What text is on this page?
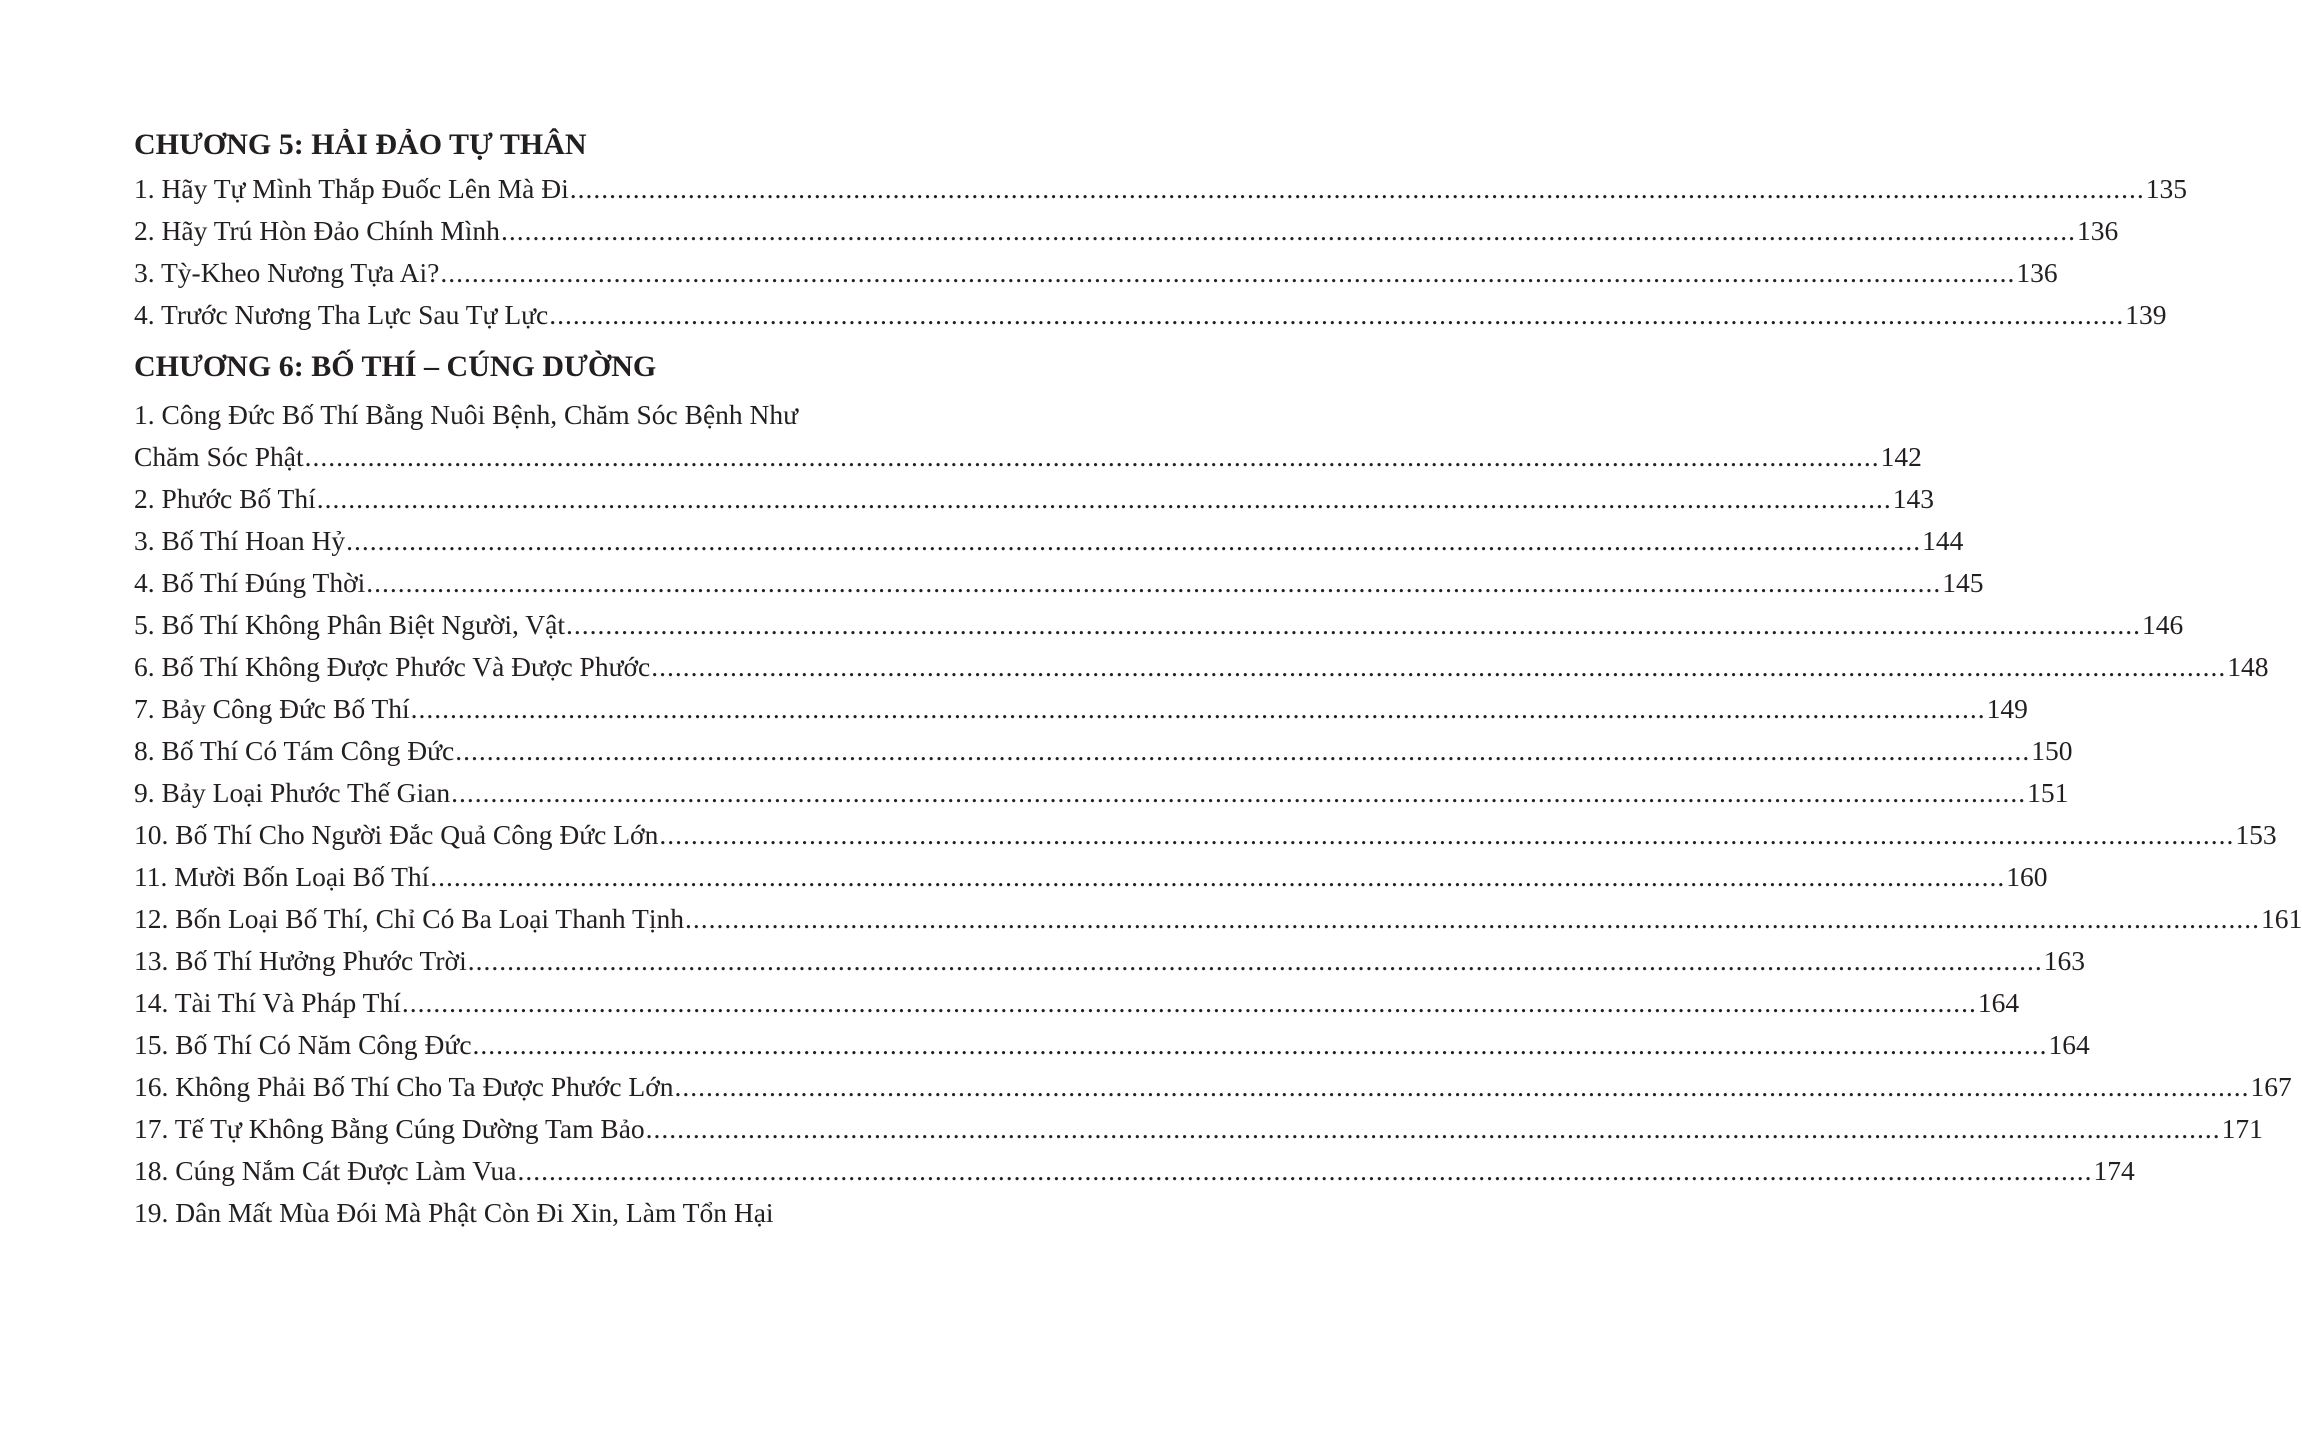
CHƯƠNG 5: HẢI ĐẢO TỰ THÂN
1. Hãy Tự Mình Thắp Đuốc Lên Mà Đi ........................................................................................................................................................................................................ 135
2. Hãy Trú Hòn Đảo Chính Mình ........................................................................................................................................................................................................ 136
3. Tỳ-Kheo Nương Tựa Ai? ........................................................................................................................................................................................................ 136
4. Trước Nương Tha Lực Sau Tự Lực ........................................................................................................................................................................................................ 139
CHƯƠNG 6: BỐ THÍ – CÚNG DƯỜNG
1. Công Đức Bố Thí Bằng Nuôi Bệnh, Chăm Sóc Bệnh Như
Chăm Sóc Phật ........................................................................................................................................................................................................ 142
2. Phước Bố Thí ........................................................................................................................................................................................................ 143
3. Bố Thí Hoan Hỷ ........................................................................................................................................................................................................ 144
4. Bố Thí Đúng Thời ........................................................................................................................................................................................................ 145
5. Bố Thí Không Phân Biệt Người, Vật ........................................................................................................................................................................................................ 146
6. Bố Thí Không Được Phước Và Được Phước ........................................................................................................................................................................................................ 148
7. Bảy Công Đức Bố Thí ........................................................................................................................................................................................................ 149
8. Bố Thí Có Tám Công Đức ........................................................................................................................................................................................................ 150
9. Bảy Loại Phước Thế Gian ........................................................................................................................................................................................................ 151
10. Bố Thí Cho Người Đắc Quả Công Đức Lớn ........................................................................................................................................................................................................ 153
11. Mười Bốn Loại Bố Thí ........................................................................................................................................................................................................ 160
12. Bốn Loại Bố Thí, Chỉ Có Ba Loại Thanh Tịnh ........................................................................................................................................................................................................ 161
13. Bố Thí Hưởng Phước Trời ........................................................................................................................................................................................................ 163
14. Tài Thí Và Pháp Thí ........................................................................................................................................................................................................ 164
15. Bố Thí Có Năm Công Đức ........................................................................................................................................................................................................ 164
16. Không Phải Bố Thí Cho Ta Được Phước Lớn ........................................................................................................................................................................................................ 167
17. Tế Tự Không Bằng Cúng Dường Tam Bảo ........................................................................................................................................................................................................ 171
18. Cúng Nắm Cát Được Làm Vua ........................................................................................................................................................................................................ 174
19. Dân Mất Mùa Đói Mà Phật Còn Đi Xin, Làm Tổn Hại
